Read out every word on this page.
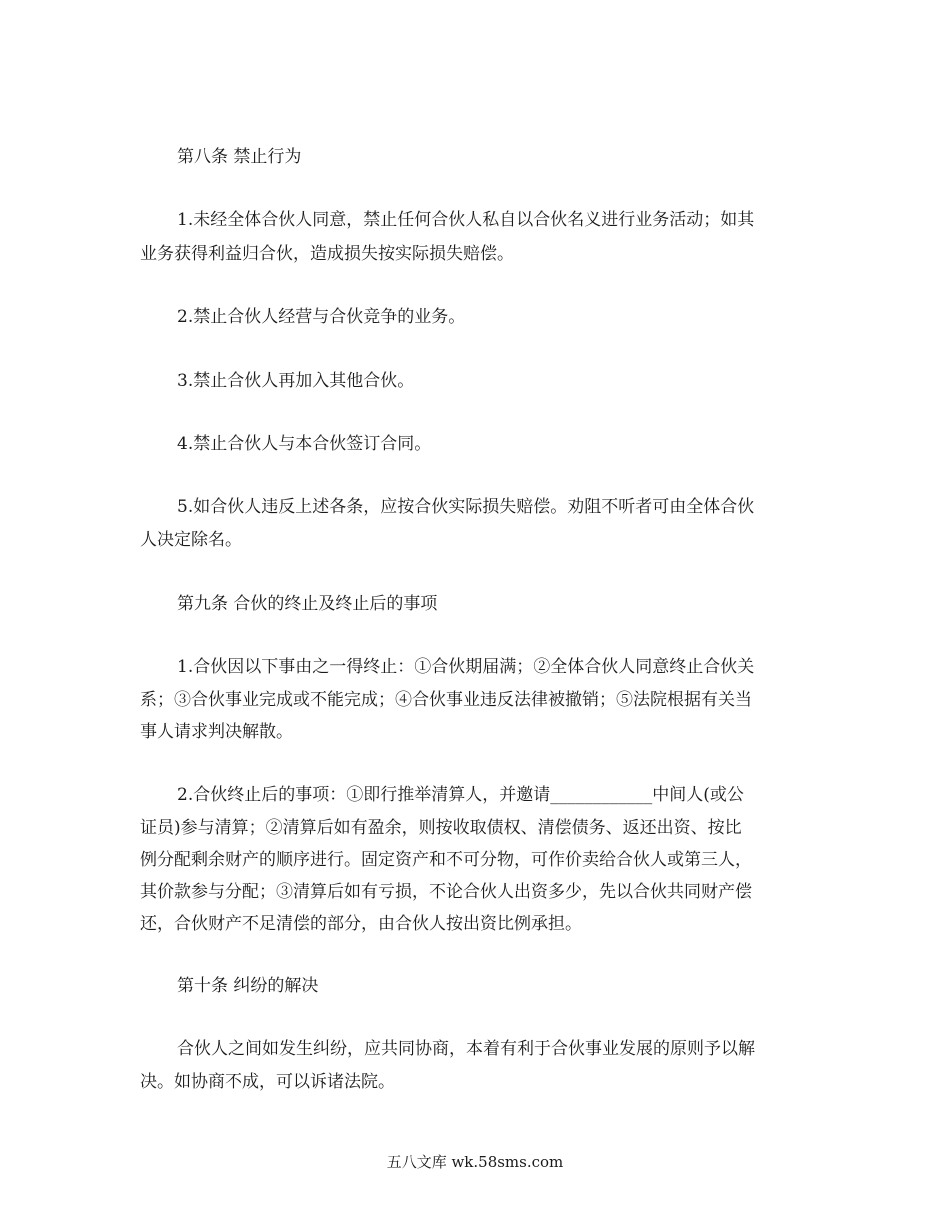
第八条 禁止行为
1.未经全体合伙人同意，禁止任何合伙人私自以合伙名义进行业务活动；如其
业务获得利益归合伙，造成损失按实际损失赔偿。
2.禁止合伙人经营与合伙竞争的业务。
3.禁止合伙人再加入其他合伙。
4.禁止合伙人与本合伙签订合同。
5.如合伙人违反上述各条，应按合伙实际损失赔偿。劝阻不听者可由全体合伙
人决定除名。
第九条 合伙的终止及终止后的事项
1.合伙因以下事由之一得终止：①合伙期届满；②全体合伙人同意终止合伙关
系；③合伙事业完成或不能完成；④合伙事业违反法律被撤销；⑤法院根据有关当
事人请求判决解散。
2.合伙终止后的事项：①即行推举清算人，并邀请____________中间人(或公
证员)参与清算；②清算后如有盈余，则按收取债权、清偿债务、返还出资、按比
例分配剩余财产的顺序进行。固定资产和不可分物，可作价卖给合伙人或第三人，
其价款参与分配；③清算后如有亏损，不论合伙人出资多少，先以合伙共同财产偿
还，合伙财产不足清偿的部分，由合伙人按出资比例承担。
第十条 纠纷的解决
合伙人之间如发生纠纷，应共同协商，本着有利于合伙事业发展的原则予以解
决。如协商不成，可以诉诸法院。
五八文库 wk.58sms.com
